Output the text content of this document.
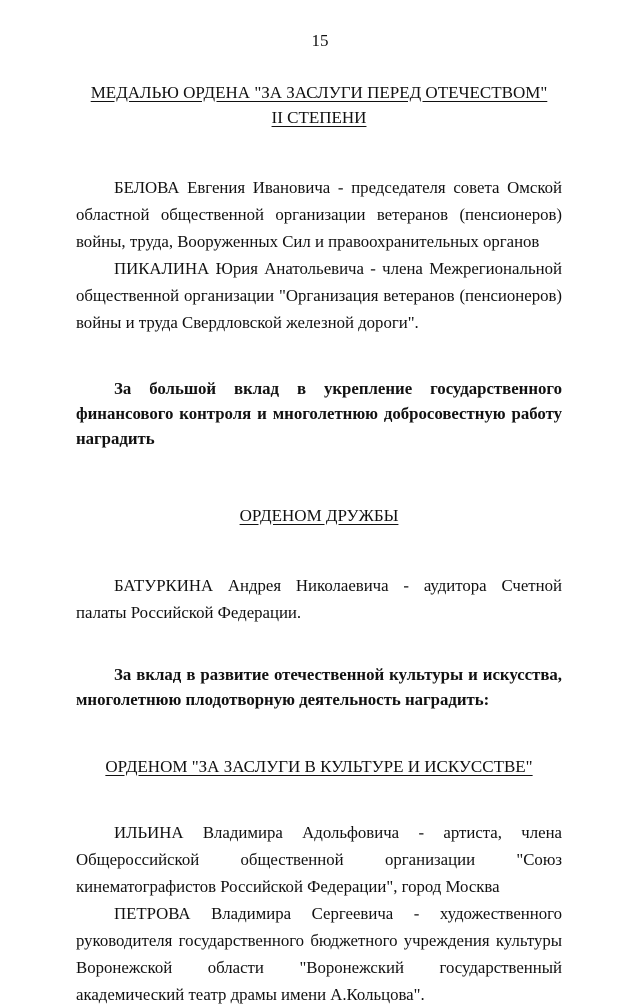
15
МЕДАЛЬЮ ОРДЕНА "ЗА ЗАСЛУГИ ПЕРЕД ОТЕЧЕСТВОМ"
II СТЕПЕНИ

БЕЛОВА Евгения Ивановича - председателя совета Омской областной общественной организации ветеранов (пенсионеров) войны, труда, Вооруженных Сил и правоохранительных органов

ПИКАЛИНА Юрия Анатольевича - члена Межрегиональной общественной организации "Организация ветеранов (пенсионеров) войны и труда Свердловской железной дороги".

За большой вклад в укрепление государственного финансового контроля и многолетнюю добросовестную работу наградить

ОРДЕНОМ ДРУЖБЫ

БАТУРКИНА Андрея Николаевича - аудитора Счетной палаты Российской Федерации.

За вклад в развитие отечественной культуры и искусства, многолетнюю плодотворную деятельность наградить:

ОРДЕНОМ "ЗА ЗАСЛУГИ В КУЛЬТУРЕ И ИСКУССТВЕ"

ИЛЬИНА Владимира Адольфовича - артиста, члена Общероссийской общественной организации "Союз кинематографистов Российской Федерации", город Москва

ПЕТРОВА Владимира Сергеевича - художественного руководителя государственного бюджетного учреждения культуры Воронежской области "Воронежский государственный академический театр драмы имени А.Кольцова".
